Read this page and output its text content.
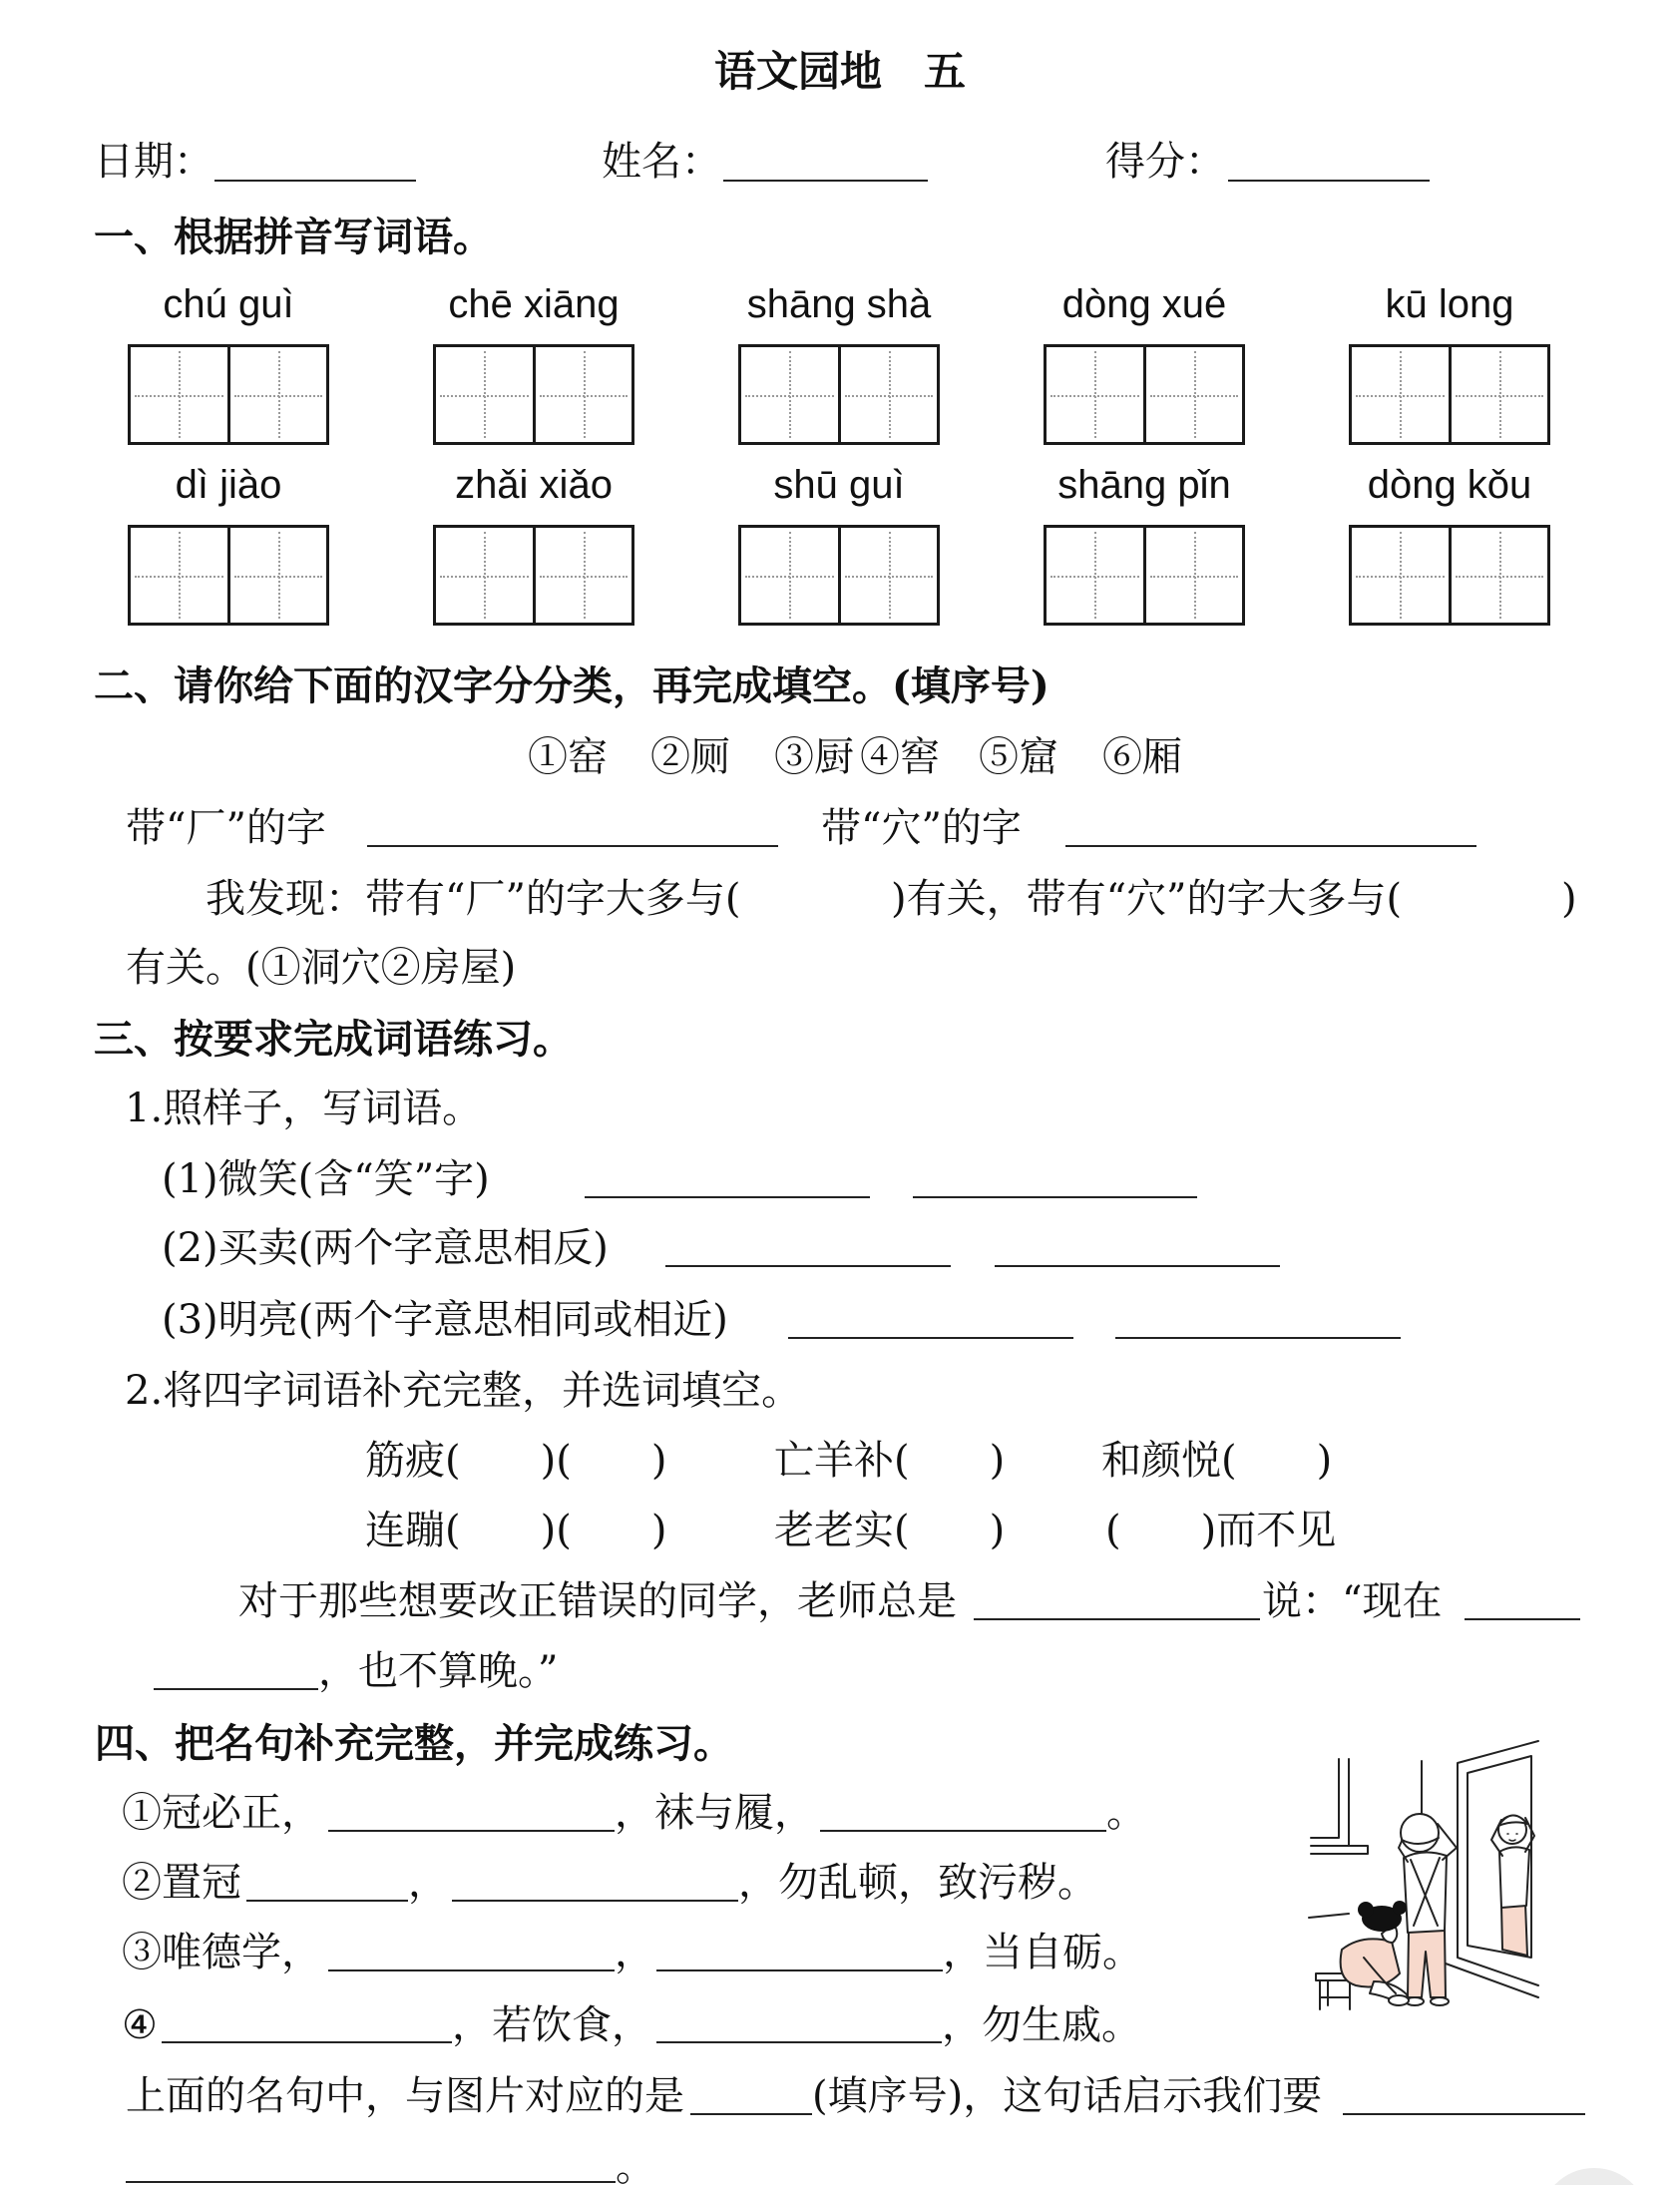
语文园地　五
日期：	姓名：	得分：
一、根据拼音写词语。
chú guì	chē xiāng	shāng shà	dòng xué	kū long
dì jiào	zhǎi xiǎo	shū guì	shāng pǐn	dòng kǒu
二、请你给下面的汉字分分类，再完成填空。(填序号)
①窑 ②厕 ③厨 ④窖 ⑤窟 ⑥厢
带“厂”的字	带“穴”的字
我发现：带有“厂”的字大多与(	)有关，带有“穴”的字大多与(	)
有关。(①洞穴②房屋)
三、按要求完成词语练习。
1.照样子，写词语。
(1)微笑(含“笑”字)
(2)买卖(两个字意思相反)
(3)明亮(两个字意思相同或相近)
2.将四字词语补充完整，并选词填空。
筋疲(　　)(　　)	亡羊补(　　) 和颜悦(　　)
连蹦(　　)(　　)	老老实(　　)	(　　)而不见
对于那些想要改正错误的同学，老师总是	说：“现在
，也不算晚。”
四、把名句补充完整，并完成练习。
①冠必正，	，袜与履，	。
②置冠	，	，勿乱顿，致污秽。
③唯德学，	，	，当自砺。
④	，若饮食，	，勿生戚。
上面的名句中，与图片对应的是	(填序号)，这句话启示我们要
。
